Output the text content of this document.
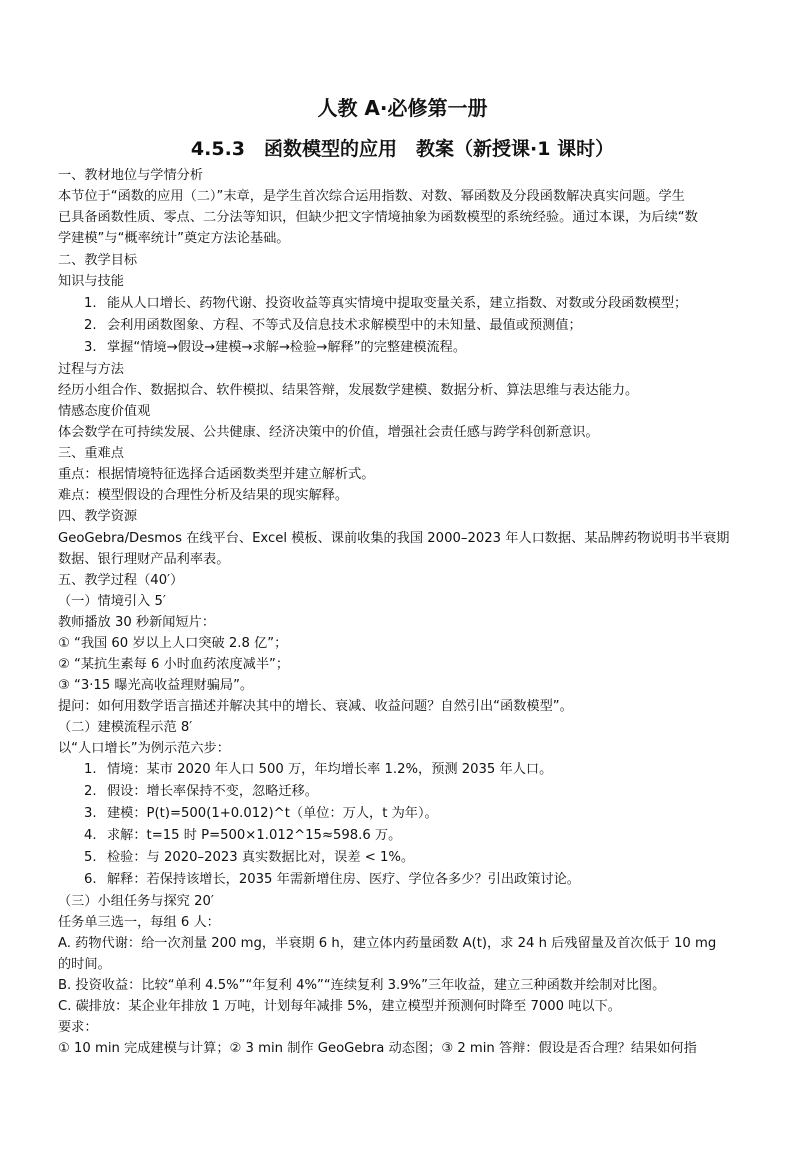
人教 A·必修第一册
4.5.3　函数模型的应用　教案（新授课·1 课时）
一、教材地位与学情分析
本节位于“函数的应用（二）”末章，是学生首次综合运用指数、对数、幂函数及分段函数解决真实问题。学生
已具备函数性质、零点、二分法等知识，但缺少把文字情境抽象为函数模型的系统经验。通过本课，为后续“数
学建模”与“概率统计”奠定方法论基础。
二、教学目标
知识与技能
1. 能从人口增长、药物代谢、投资收益等真实情境中提取变量关系，建立指数、对数或分段函数模型；
2. 会利用函数图象、方程、不等式及信息技术求解模型中的未知量、最值或预测值；
3. 掌握“情境→假设→建模→求解→检验→解释”的完整建模流程。
过程与方法
经历小组合作、数据拟合、软件模拟、结果答辩，发展数学建模、数据分析、算法思维与表达能力。
情感态度价值观
体会数学在可持续发展、公共健康、经济决策中的价值，增强社会责任感与跨学科创新意识。
三、重难点
重点：根据情境特征选择合适函数类型并建立解析式。
难点：模型假设的合理性分析及结果的现实解释。
四、教学资源
GeoGebra/Desmos 在线平台、Excel 模板、课前收集的我国 2000–2023 年人口数据、某品牌药物说明书半衰期
数据、银行理财产品利率表。
五、教学过程（40′）
（一）情境引入 5′
教师播放 30 秒新闻短片：
① “我国 60 岁以上人口突破 2.8 亿”；
② “某抗生素每 6 小时血药浓度减半”；
③ “3·15 曝光高收益理财骗局”。
提问：如何用数学语言描述并解决其中的增长、衰减、收益问题？自然引出“函数模型”。
（二）建模流程示范 8′
以“人口增长”为例示范六步：
1. 情境：某市 2020 年人口 500 万，年均增长率 1.2%，预测 2035 年人口。
2. 假设：增长率保持不变，忽略迁移。
3. 建模：P(t)=500(1+0.012)^t（单位：万人，t 为年）。
4. 求解：t=15 时 P=500×1.012^15≈598.6 万。
5. 检验：与 2020–2023 真实数据比对，误差 < 1%。
6. 解释：若保持该增长，2035 年需新增住房、医疗、学位各多少？引出政策讨论。
（三）小组任务与探究 20′
任务单三选一，每组 6 人：
A. 药物代谢：给一次剂量 200 mg，半衰期 6 h，建立体内药量函数 A(t)，求 24 h 后残留量及首次低于 10 mg
的时间。
B. 投资收益：比较“单利 4.5%”“年复利 4%”“连续复利 3.9%”三年收益，建立三种函数并绘制对比图。
C. 碳排放：某企业年排放 1 万吨，计划每年减排 5%，建立模型并预测何时降至 7000 吨以下。
要求：
① 10 min 完成建模与计算；② 3 min 制作 GeoGebra 动态图；③ 2 min 答辩：假设是否合理？结果如何指
